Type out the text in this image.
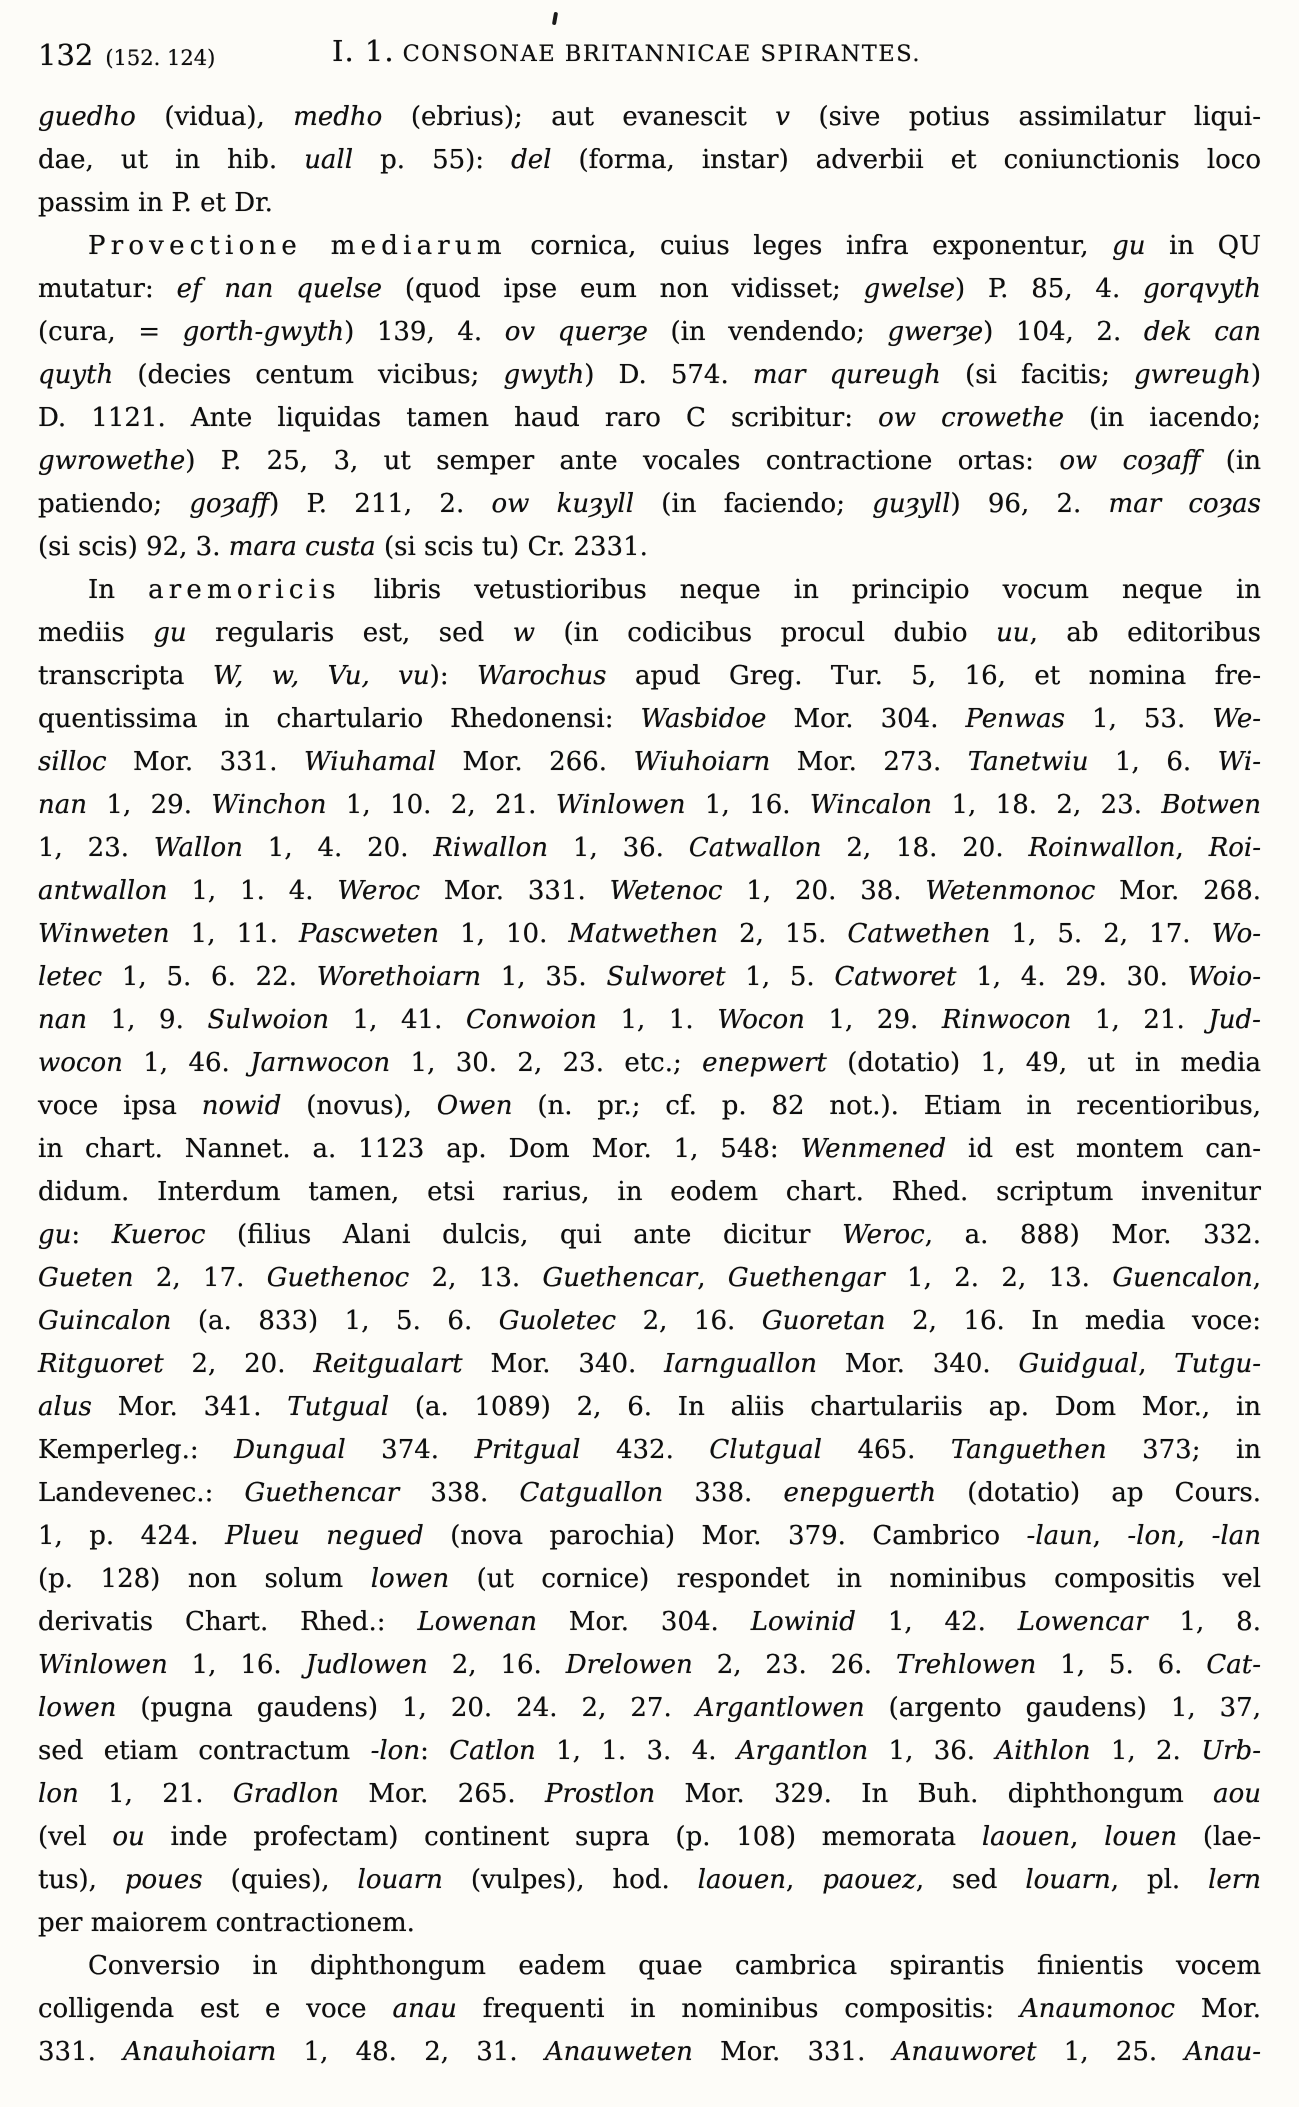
132 (152. 124)	I. 1. CONSONAE BRITANNICAE SPIRANTES.
guedho (vidua), medho (ebrius); aut evanescit v (sive potius assimilatur liqui-
dae, ut in hib. uall p. 55): del (forma, instar) adverbii et coniunctionis loco
passim in P. et Dr.
Provectione mediarum cornica, cuius leges infra exponentur, gu in QU
mutatur: ef nan quelse (quod ipse eum non vidisset; gwelse) P. 85, 4. gorqvyth
(cura, = gorth-gwyth) 139, 4. ov querȝe (in vendendo; gwerȝe) 104, 2. dek can
quyth (decies centum vicibus; gwyth) D. 574. mar qureugh (si facitis; gwreugh)
D. 1121. Ante liquidas tamen haud raro C scribitur: ow crowethe (in iacendo;
gwrowethe) P. 25, 3, ut semper ante vocales contractione ortas: ow coȝaff (in
patiendo; goȝaff) P. 211, 2. ow kuȝyll (in faciendo; guȝyll) 96, 2. mar coȝas
(si scis) 92, 3. mara custa (si scis tu) Cr. 2331.
In aremoricis libris vetustioribus neque in principio vocum neque in
mediis gu regularis est, sed w (in codicibus procul dubio uu, ab editoribus
transcripta W, w, Vu, vu): Warochus apud Greg. Tur. 5, 16, et nomina fre-
quentissima in chartulario Rhedonensi: Wasbidoe Mor. 304. Penwas 1, 53. We-
silloc Mor. 331. Wiuhamal Mor. 266. Wiuhoiarn Mor. 273. Tanetwiu 1, 6. Wi-
nan 1, 29. Winchon 1, 10. 2, 21. Winlowen 1, 16. Wincalon 1, 18. 2, 23. Botwen
1, 23. Wallon 1, 4. 20. Riwallon 1, 36. Catwallon 2, 18. 20. Roinwallon, Roi-
antwallon 1, 1. 4. Weroc Mor. 331. Wetenoc 1, 20. 38. Wetenmonoc Mor. 268.
Winweten 1, 11. Pascweten 1, 10. Matwethen 2, 15. Catwethen 1, 5. 2, 17. Wo-
letec 1, 5. 6. 22. Worethoiarn 1, 35. Sulworet 1, 5. Catworet 1, 4. 29. 30. Woio-
nan 1, 9. Sulwoion 1, 41. Conwoion 1, 1. Wocon 1, 29. Rinwocon 1, 21. Jud-
wocon 1, 46. Jarnwocon 1, 30. 2, 23. etc.; enepwert (dotatio) 1, 49, ut in media
voce ipsa nowid (novus), Owen (n. pr.; cf. p. 82 not.). Etiam in recentioribus,
in chart. Nannet. a. 1123 ap. Dom Mor. 1, 548: Wenmened id est montem can-
didum. Interdum tamen, etsi rarius, in eodem chart. Rhed. scriptum invenitur
gu: Kueroc (filius Alani dulcis, qui ante dicitur Weroc, a. 888) Mor. 332.
Gueten 2, 17. Guethenoc 2, 13. Guethencar, Guethengar 1, 2. 2, 13. Guencalon,
Guincalon (a. 833) 1, 5. 6. Guoletec 2, 16. Guoretan 2, 16. In media voce:
Ritguoret 2, 20. Reitgualart Mor. 340. Iarnguallon Mor. 340. Guidgual, Tutgu-
alus Mor. 341. Tutgual (a. 1089) 2, 6. In aliis chartulariis ap. Dom Mor., in
Kemperleg.: Dungual 374. Pritgual 432. Clutgual 465. Tanguethen 373; in
Landevenec.: Guethencar 338. Catguallon 338. enepguerth (dotatio) ap Cours.
1, p. 424. Plueu negued (nova parochia) Mor. 379. Cambrico -laun, -lon, -lan
(p. 128) non solum lowen (ut cornice) respondet in nominibus compositis vel
derivatis Chart. Rhed.: Lowenan Mor. 304. Lowinid 1, 42. Lowencar 1, 8.
Winlowen 1, 16. Judlowen 2, 16. Drelowen 2, 23. 26. Trehlowen 1, 5. 6. Cat-
lowen (pugna gaudens) 1, 20. 24. 2, 27. Argantlowen (argento gaudens) 1, 37,
sed etiam contractum -lon: Catlon 1, 1. 3. 4. Argantlon 1, 36. Aithlon 1, 2. Urb-
lon 1, 21. Gradlon Mor. 265. Prostlon Mor. 329. In Buh. diphthongum aou
(vel ou inde profectam) continent supra (p. 108) memorata laouen, louen (lae-
tus), poues (quies), louarn (vulpes), hod. laouen, paouez, sed louarn, pl. lern
per maiorem contractionem.
Conversio in diphthongum eadem quae cambrica spirantis finientis vocem
colligenda est e voce anau frequenti in nominibus compositis: Anaumonoc Mor.
331. Anauhoiarn 1, 48. 2, 31. Anauweten Mor. 331. Anauworet 1, 25. Anau-
